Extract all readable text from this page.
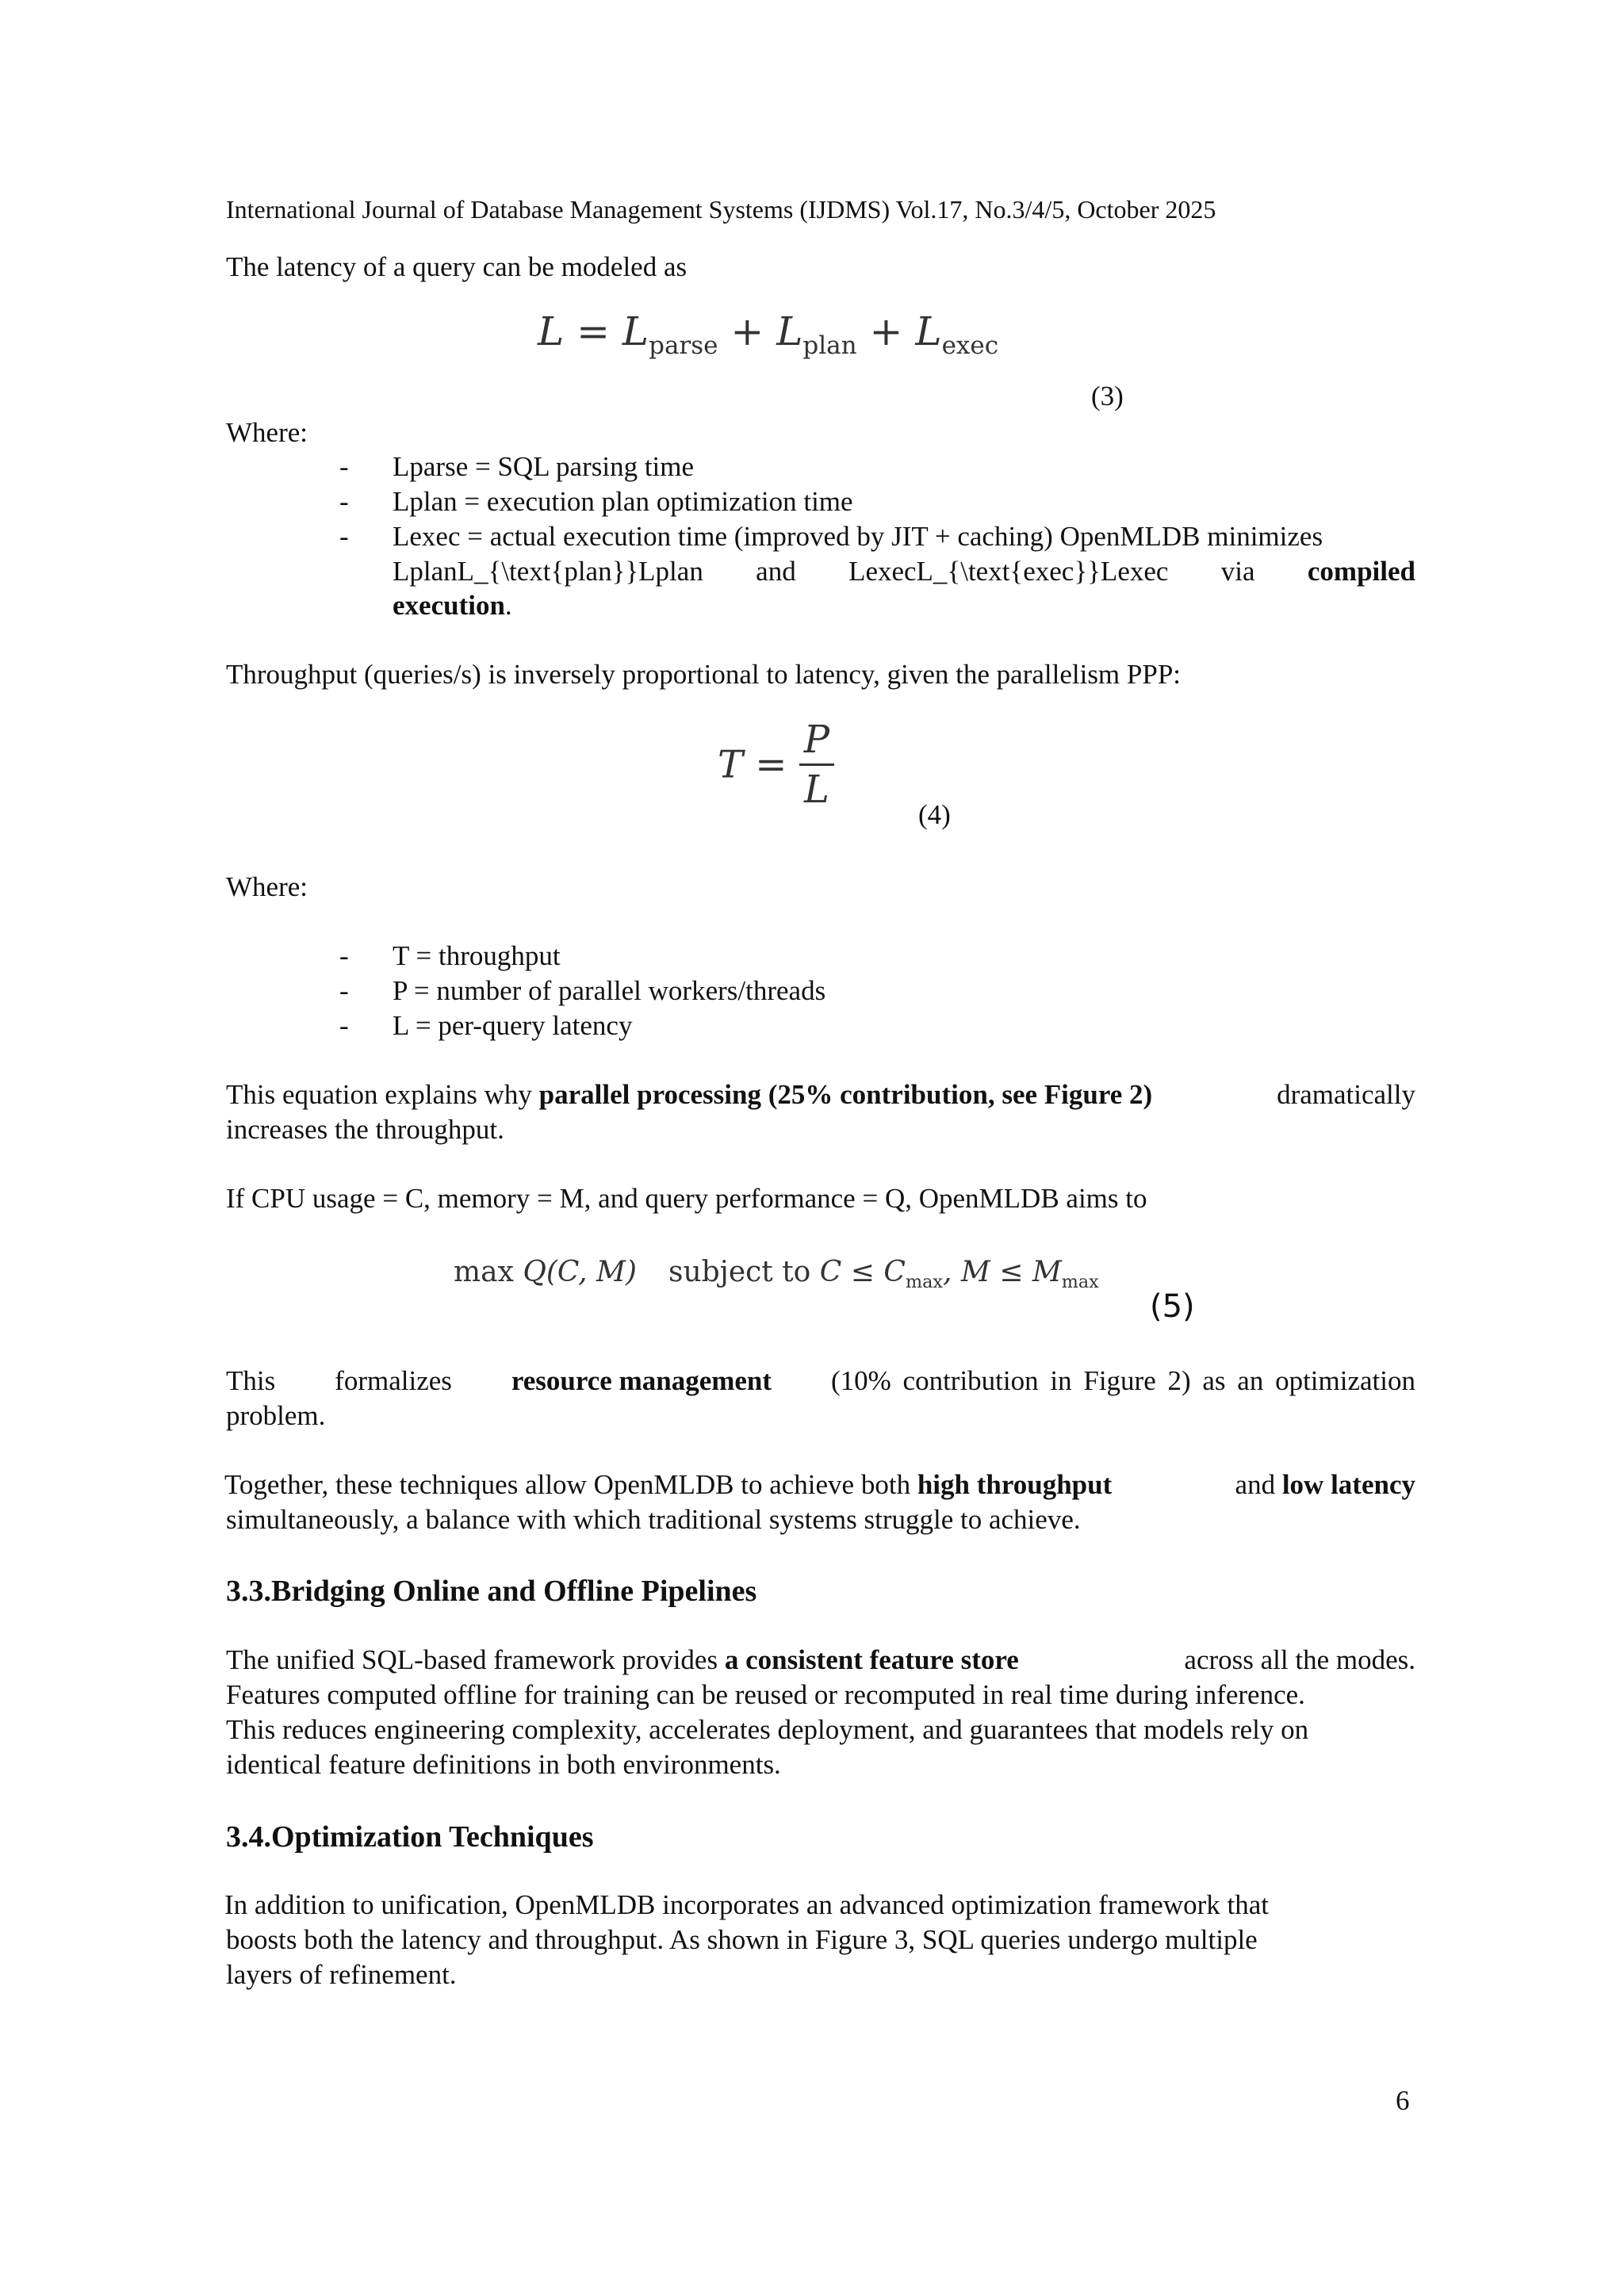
International Journal of Database Management Systems (IJDMS) Vol.17, No.3/4/5, October 2025
The latency of a query can be modeled as
$L = L_{parse} + L_{plan} + L_{exec}$
(3)
Where:
- Lparse = SQL parsing time
- Lplan = execution plan optimization time
- Lexec = actual execution time (improved by JIT + caching) OpenMLDB minimizes
LplanL_{\text{plan}}Lplan and LexecL_{\text{exec}}Lexec via compiled
execution.
Throughput (queries/s) is inversely proportional to latency, given the parallelism PPP:
$T = \frac{P}{L}$
(4)
Where:
- T = throughput
- P = number of parallel workers/threads
- L = per-query latency
This equation explains why parallel processing (25% contribution, see Figure 2)	dramatically
increases the throughput.
If CPU usage = C, memory = M, and query performance = Q, OpenMLDB aims to
max Q(C, M) subject to $C \le C_{max}$, $M \le M_{max}$
(5)
This formalizes resource management (10% contribution in Figure 2) as an optimization
problem.
Together, these techniques allow OpenMLDB to achieve both high throughput	and low latency
simultaneously, a balance with which traditional systems struggle to achieve.
3.3.Bridging Online and Offline Pipelines
The unified SQL-based framework provides a consistent feature store	across all the modes.
Features computed offline for training can be reused or recomputed in real time during inference.
This reduces engineering complexity, accelerates deployment, and guarantees that models rely on
identical feature definitions in both environments.
3.4.Optimization Techniques
In addition to unification, OpenMLDB incorporates an advanced optimization framework that
boosts both the latency and throughput. As shown in Figure 3, SQL queries undergo multiple
layers of refinement.
6
